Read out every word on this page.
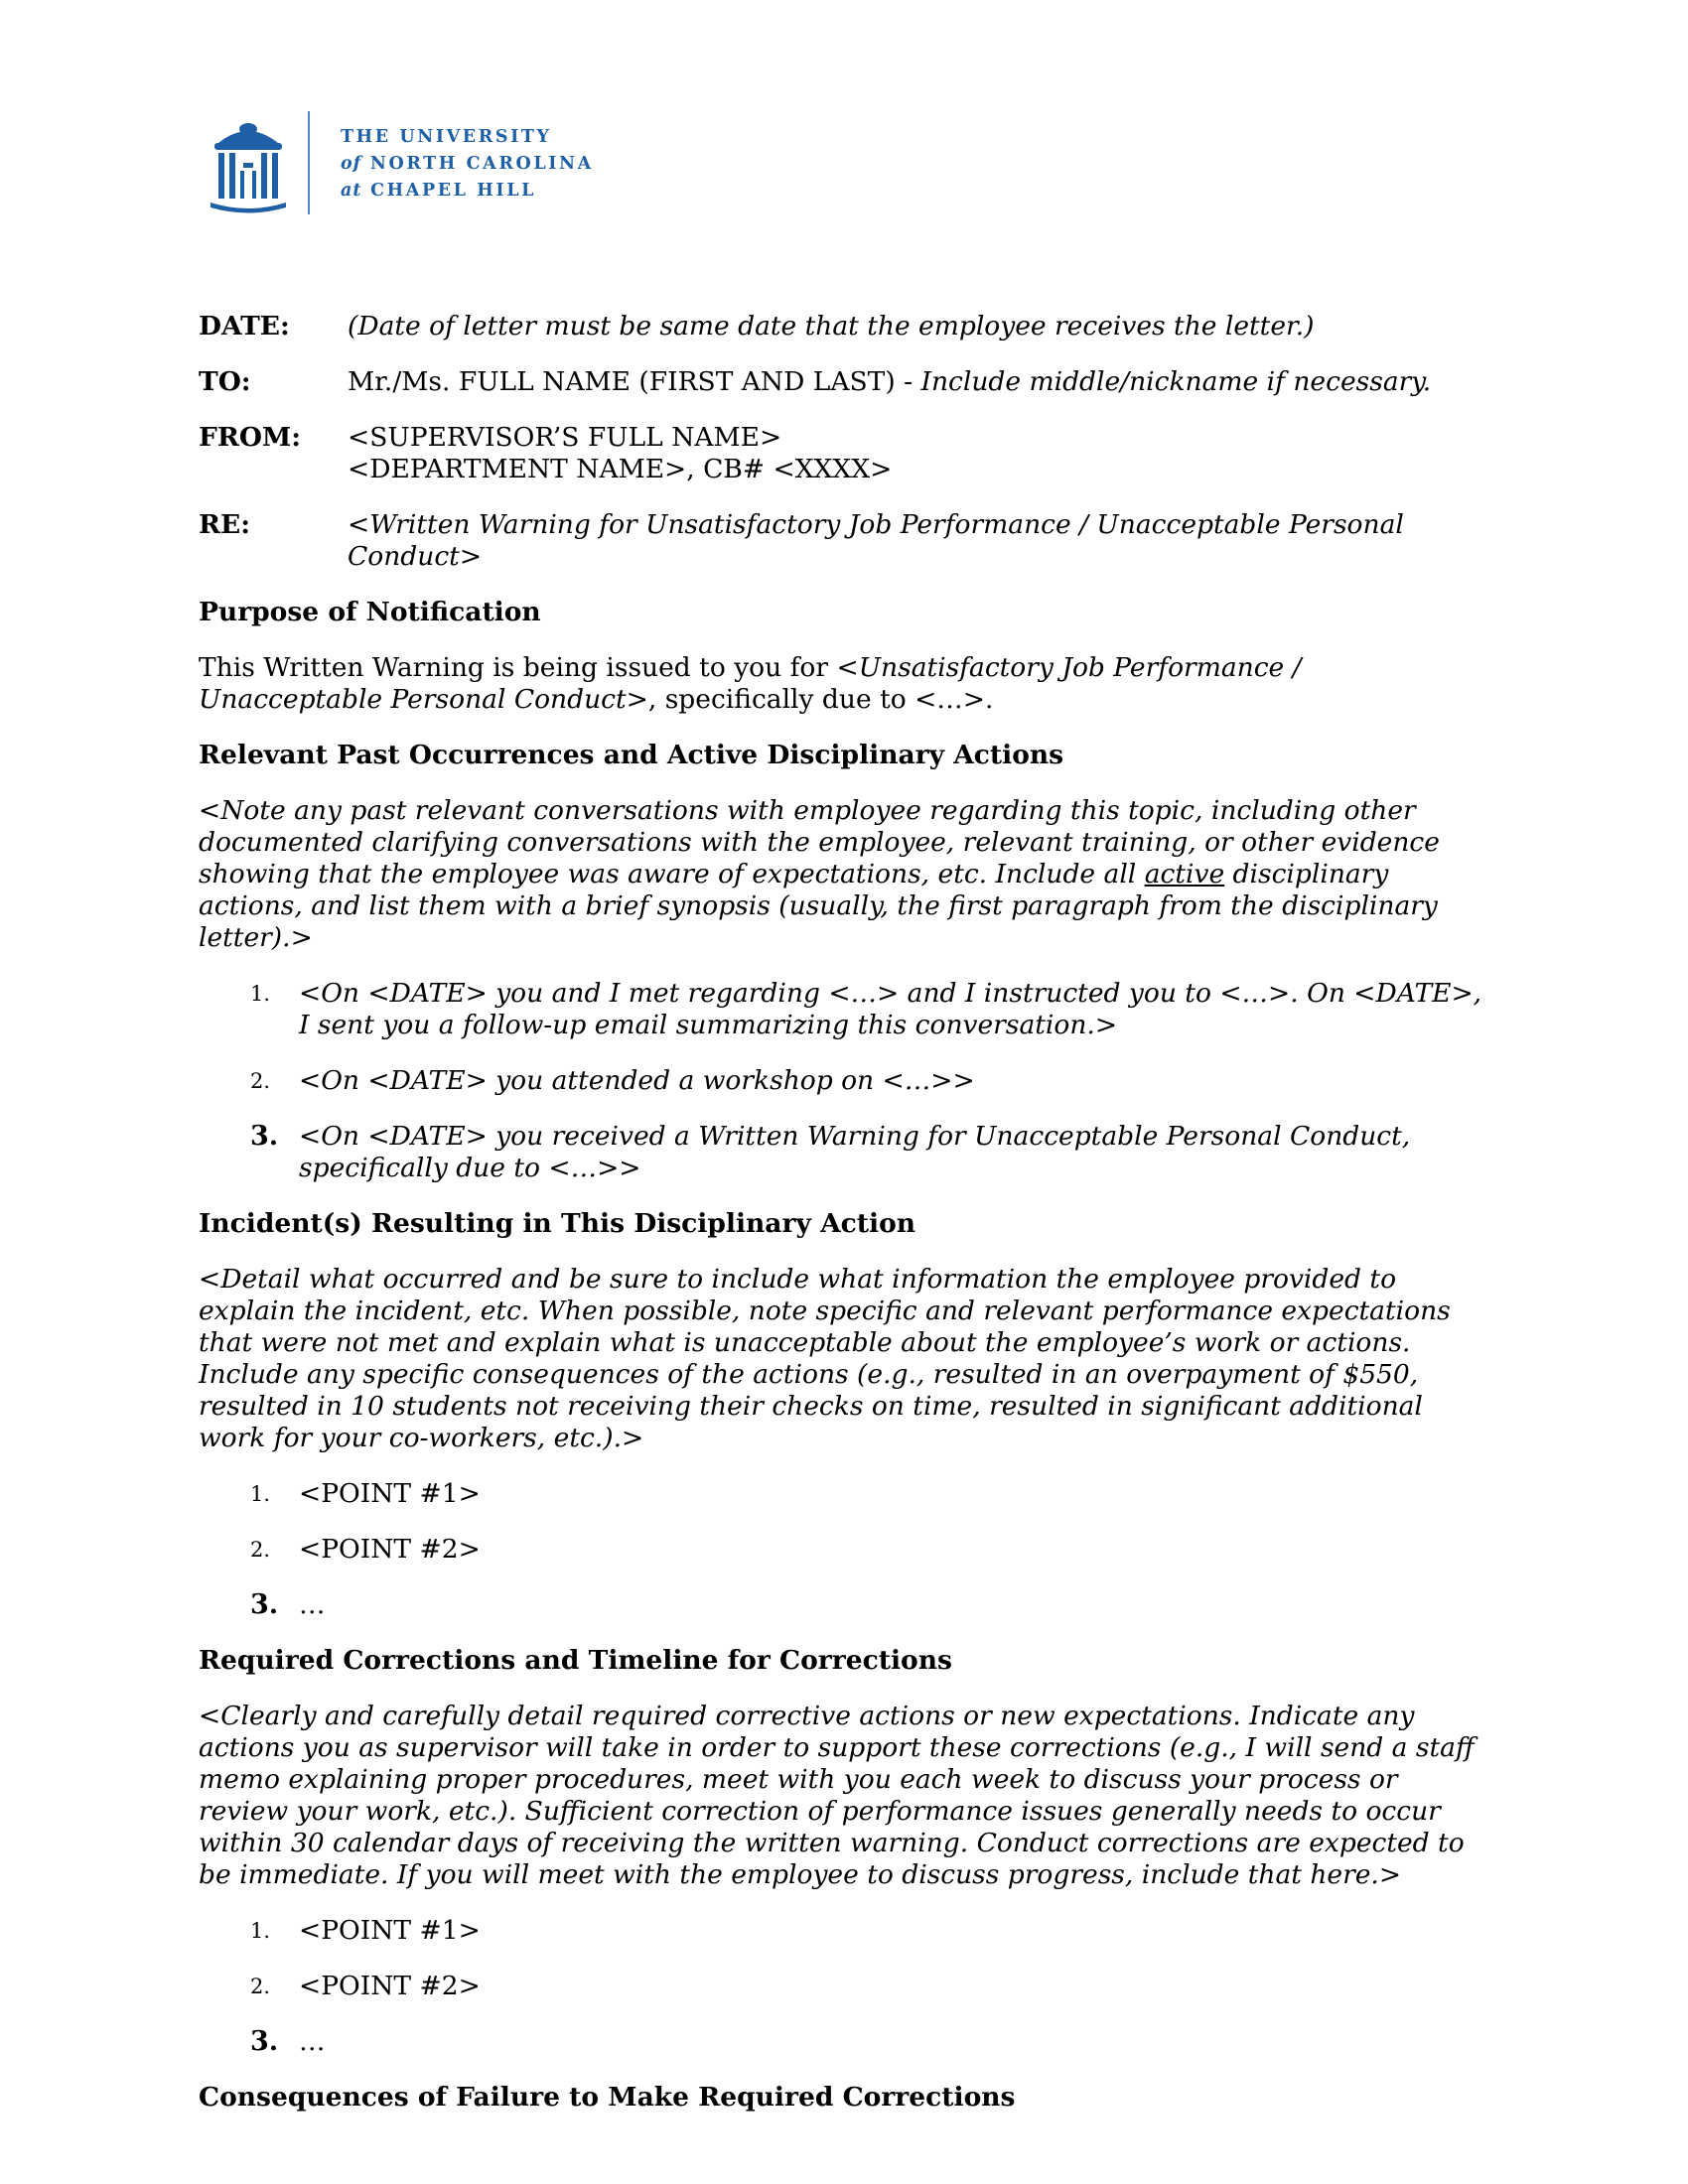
THE UNIVERSITY
of NORTH CAROLINA
at CHAPEL HILL
DATE:	(Date of letter must be same date that the employee receives the letter.)
TO:	Mr./Ms. FULL NAME (FIRST AND LAST) - Include middle/nickname if necessary.
FROM:	<SUPERVISOR’S FULL NAME>
<DEPARTMENT NAME>, CB# <XXXX>
RE:	<Written Warning for Unsatisfactory Job Performance / Unacceptable Personal Conduct>
Purpose of Notification

This Written Warning is being issued to you for <Unsatisfactory Job Performance / Unacceptable Personal Conduct>, specifically due to <…>.

Relevant Past Occurrences and Active Disciplinary Actions

<Note any past relevant conversations with employee regarding this topic, including other documented clarifying conversations with the employee, relevant training, or other evidence showing that the employee was aware of expectations, etc. Include all active disciplinary actions, and list them with a brief synopsis (usually, the first paragraph from the disciplinary letter).>

1.	<On <DATE> you and I met regarding <…> and I instructed you to <…>. On <DATE>, I sent you a follow-up email summarizing this conversation.>
2.	<On <DATE> you attended a workshop on <…>>
3. <On <DATE> you received a Written Warning for Unacceptable Personal Conduct, specifically due to <…>>
Incident(s) Resulting in This Disciplinary Action

<Detail what occurred and be sure to include what information the employee provided to explain the incident, etc. When possible, note specific and relevant performance expectations that were not met and explain what is unacceptable about the employee’s work or actions. Include any specific consequences of the actions (e.g., resulted in an overpayment of $550, resulted in 10 students not receiving their checks on time, resulted in significant additional work for your co-workers, etc.).>

1.	<POINT #1>
2.	<POINT #2>
3. …
Required Corrections and Timeline for Corrections

<Clearly and carefully detail required corrective actions or new expectations. Indicate any actions you as supervisor will take in order to support these corrections (e.g., I will send a staff memo explaining proper procedures, meet with you each week to discuss your process or review your work, etc.). Sufficient correction of performance issues generally needs to occur within 30 calendar days of receiving the written warning. Conduct corrections are expected to be immediate. If you will meet with the employee to discuss progress, include that here.>

1.	<POINT #1>
2.	<POINT #2>
3. …
Consequences of Failure to Make Required Corrections
